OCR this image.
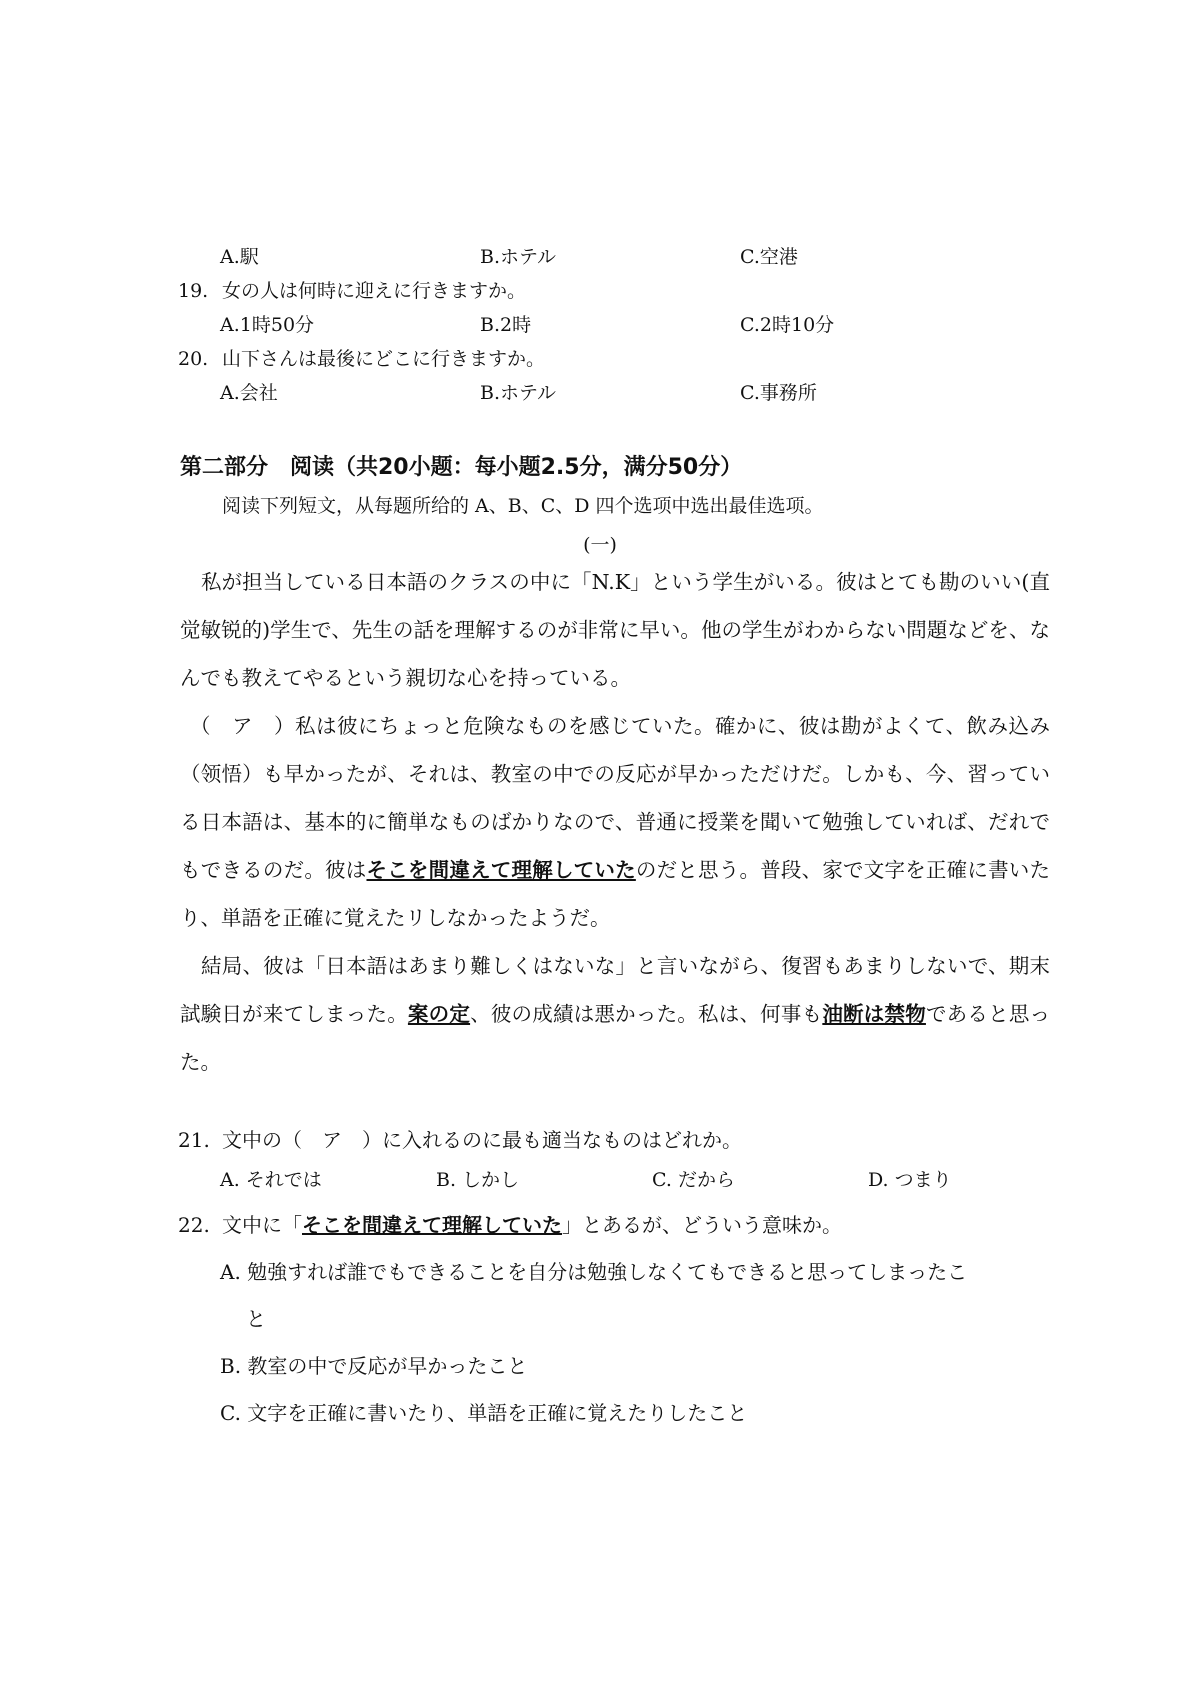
A.駅	B.ホテル	C.空港
19. 女の人は何時に迎えに行きますか。
A.1時50分	B.2時	C.2時10分
20. 山下さんは最後にどこに行きますか。
A.会社	B.ホテル	C.事務所
第二部分　阅读（共20小题：每小题2.5分，满分50分）
阅读下列短文，从每题所给的 A、B、C、D 四个选项中选出最佳选项。
(一)
私が担当している日本語のクラスの中に「N.K」という学生がいる。彼はとても勘のいい(直觉敏锐的)学生で、先生の話を理解するのが非常に早い。他の学生がわからない問題などを、なんでも教えてやるという親切な心を持っている。
（　ア　）私は彼にちょっと危険なものを感じていた。確かに、彼は勘がよくて、飲み込み（领悟）も早かったが、それは、教室の中での反応が早かっただけだ。しかも、今、習っている日本語は、基本的に簡単なものばかりなので、普通に授業を聞いて勉強していれば、だれでもできるのだ。彼はそこを間違えて理解していたのだと思う。普段、家で文字を正確に書いたり、単語を正確に覚えたリしなかったようだ。
結局、彼は「日本語はあまり難しくはないな」と言いながら、復習もあまりしないで、期末試験日が来てしまった。案の定、彼の成績は悪かった。私は、何事も油断は禁物であると思った。
21. 文中の（　ア　）に入れるのに最も適当なものはどれか。
A. それでは	B. しかし	C. だから	D. つまり
22. 文中に「そこを間違えて理解していた」とあるが、どういう意味か。
A. 勉強すれば誰でもできることを自分は勉強しなくてもできると思ってしまったこ
と
B. 教室の中で反応が早かったこと
C. 文字を正確に書いたり、単語を正確に覚えたりしたこと
